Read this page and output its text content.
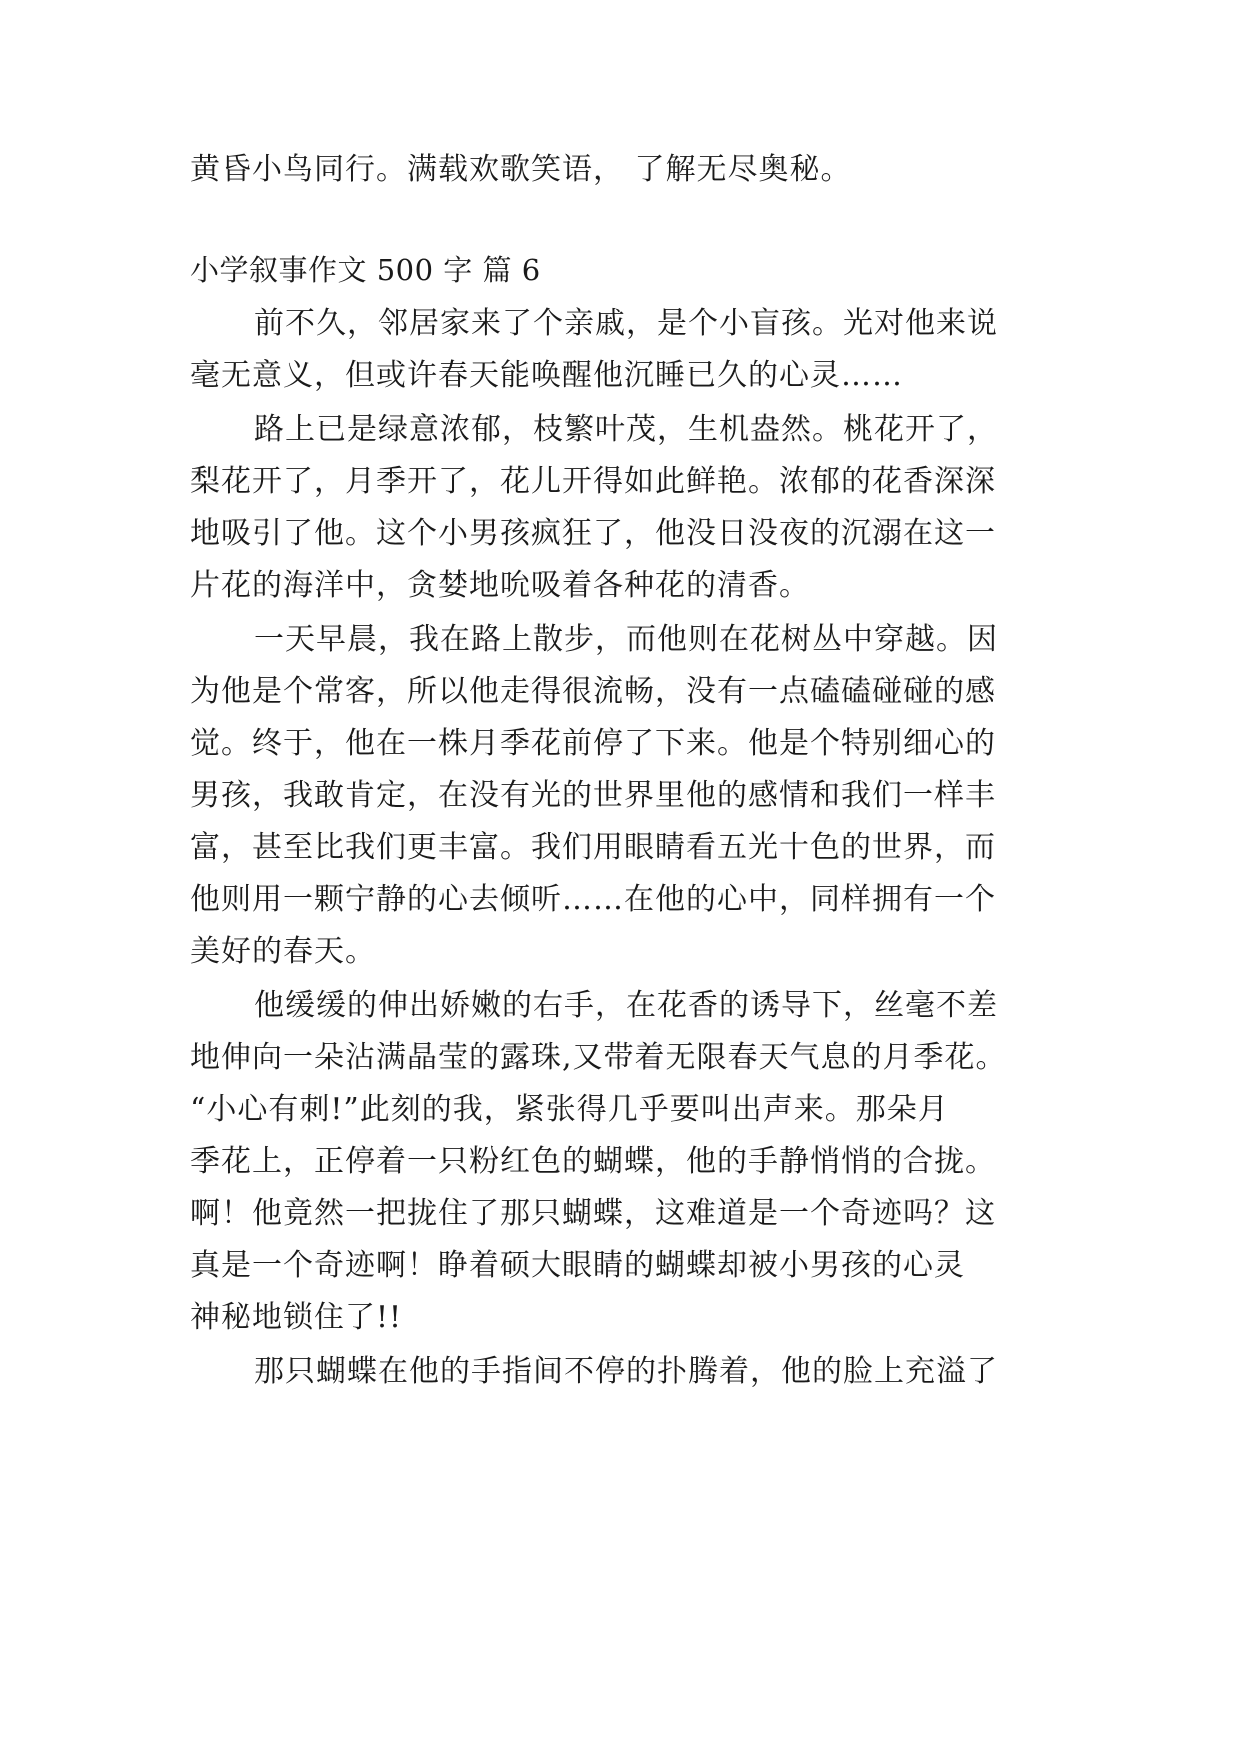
黄昏小鸟同行。满载欢歌笑语， 了解无尽奥秘。

小学叙事作文 500 字 篇 6

前不久，邻居家来了个亲戚，是个小盲孩。光对他来说

毫无意义，但或许春天能唤醒他沉睡已久的心灵……

路上已是绿意浓郁，枝繁叶茂，生机盎然。桃花开了，

梨花开了，月季开了，花儿开得如此鲜艳。浓郁的花香深深

地吸引了他。这个小男孩疯狂了，他没日没夜的沉溺在这一

片花的海洋中，贪婪地吮吸着各种花的清香。

一天早晨，我在路上散步，而他则在花树丛中穿越。因

为他是个常客，所以他走得很流畅，没有一点磕磕碰碰的感

觉。终于，他在一株月季花前停了下来。他是个特别细心的

男孩，我敢肯定，在没有光的世界里他的感情和我们一样丰

富，甚至比我们更丰富。我们用眼睛看五光十色的世界，而

他则用一颗宁静的心去倾听……在他的心中，同样拥有一个

美好的春天。

他缓缓的伸出娇嫩的右手，在花香的诱导下，丝毫不差

地伸向一朵沾满晶莹的露珠,又带着无限春天气息的月季花。

“小心有刺!”此刻的我，紧张得几乎要叫出声来。那朵月

季花上，正停着一只粉红色的蝴蝶，他的手静悄悄的合拢。

啊！他竟然一把拢住了那只蝴蝶，这难道是一个奇迹吗？这

真是一个奇迹啊！睁着硕大眼睛的蝴蝶却被小男孩的心灵

神秘地锁住了!!

那只蝴蝶在他的手指间不停的扑腾着，他的脸上充溢了
